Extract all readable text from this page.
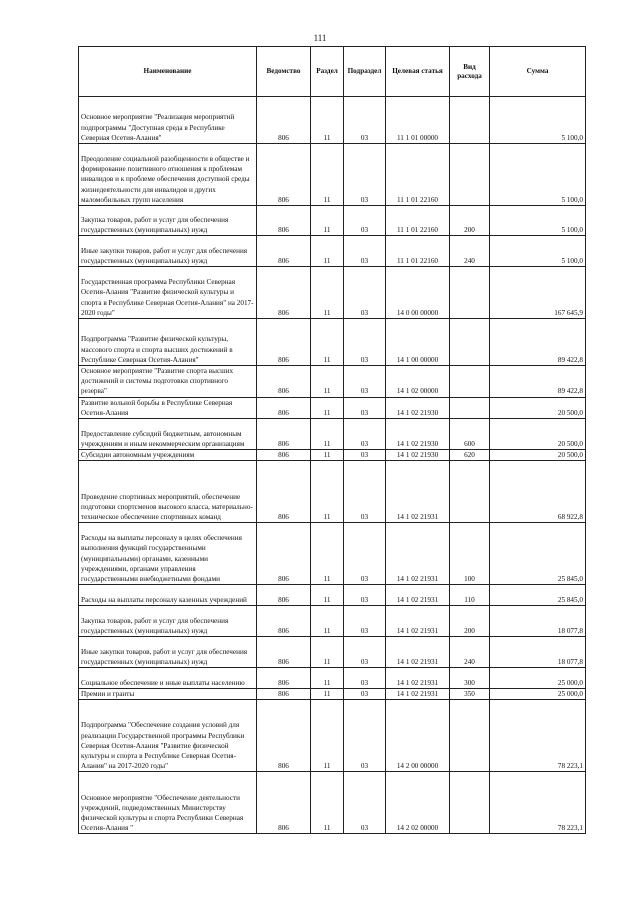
111
Наименование	Ведомство	Раздел	Подраздел	Целевая статья	Вид расхода	Сумма
Основное мероприятие "Реализация мероприятий подпрограммы "Доступная среда в Республике Северная Осетия-Алания"	806	11	03	11 1 01 00000		5 100,0
Преодоление социальной разобщенности в обществе и формирование позитивного отношения к проблемам инвалидов и к проблеме обеспечения доступной среды жизнедеятельности для инвалидов и других маломобильных групп населения	806	11	03	11 1 01 22160		5 100,0
Закупка товаров, работ и услуг для обеспечения государственных (муниципальных) нужд	806	11	03	11 1 01 22160	200	5 100,0
Иные закупки товаров, работ и услуг для обеспечения государственных (муниципальных) нужд	806	11	03	11 1 01 22160	240	5 100,0
Государственная программа Республики Северная Осетия-Алания "Развитие физической культуры и спорта в Республике Северная Осетия-Алания" на 2017-2020 годы"	806	11	03	14 0 00 00000		167 645,9
Подпрограмма "Развитие физической культуры, массового спорта и спорта высших достижений в Республике Северная Осетия-Алания"	806	11	03	14 1 00 00000		89 422,8
Основное мероприятие "Развитие спорта высших достижений и системы подготовки спортивного резерва"	806	11	03	14 1 02 00000		89 422,8
Развитие вольной борьбы в Республике Северная Осетия-Алания	806	11	03	14 1 02 21930		20 500,0
Предоставление субсидий бюджетным, автономным учреждениям и иным некоммерческим организациям	806	11	03	14 1 02 21930	600	20 500,0
Субсидии автономным учреждениям	806	11	03	14 1 02 21930	620	20 500,0
Проведение спортивных мероприятий, обеспечение подготовки спортсменов высокого класса, материально-техническое обеспечение спортивных команд	806	11	03	14 1 02 21931		68 922,8
Расходы на выплаты персоналу в целях обеспечения выполнения функций государственными (муниципальными) органами, казенными учреждениями, органами управления государственными внебюджетными фондами	806	11	03	14 1 02 21931	100	25 845,0
Расходы на выплаты персоналу казенных учреждений	806	11	03	14 1 02 21931	110	25 845,0
Закупка товаров, работ и услуг для обеспечения государственных (муниципальных) нужд	806	11	03	14 1 02 21931	200	18 077,8
Иные закупки товаров, работ и услуг для обеспечения государственных (муниципальных) нужд	806	11	03	14 1 02 21931	240	18 077,8
Социальное обеспечение и иные выплаты населению	806	11	03	14 1 02 21931	300	25 000,0
Премии и гранты	806	11	03	14 1 02 21931	350	25 000,0
Подпрограмма "Обеспечение создания условий для реализации Государственной программы Республики Северная Осетия-Алания "Развитие физической культуры и спорта в Республике Северная Осетия-Алания" на 2017-2020 годы"	806	11	03	14 2 00 00000		78 223,1
Основное мероприятие "Обеспечение деятельности учреждений, подведомственных Министерству физической культуры и спорта Республики Северная Осетия-Алания "	806	11	03	14 2 02 00000		78 223,1
